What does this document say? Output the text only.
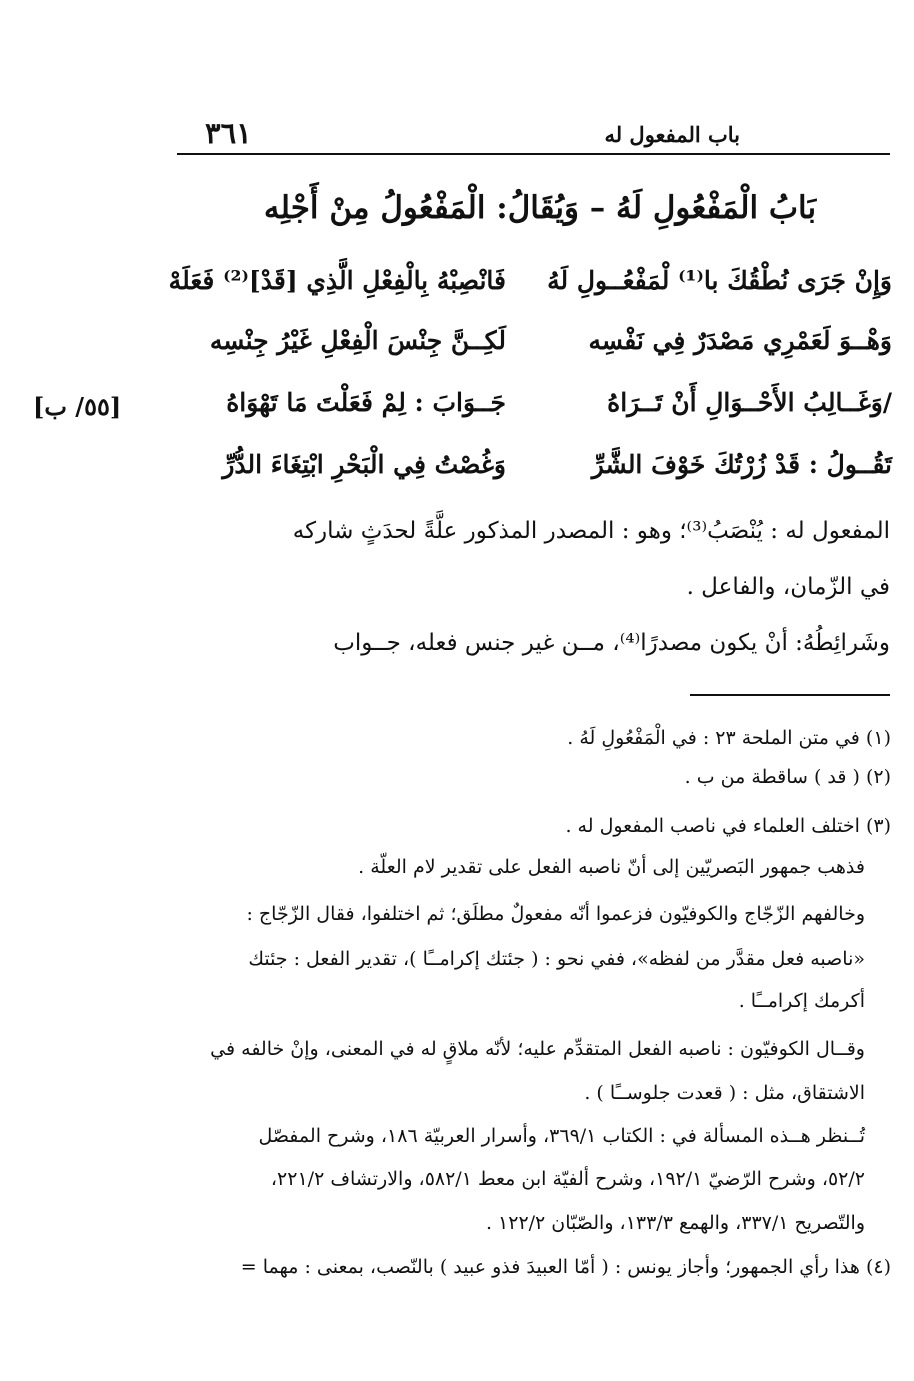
٣٦١	باب المفعول له
بَابُ الْمَفْعُولِ لَهُ – وَيُقَالُ: الْمَفْعُولُ مِنْ أَجْلِه
وَإِنْ جَرَى نُطْقُكَ با⁽¹⁾ لْمَفْعُــولِ لَهُ
فَانْصِبْهُ بِالْفِعْلِ الَّذِي [قَدْ]⁽²⁾ فَعَلَهْ
وَهْــوَ لَعَمْرِي مَصْدَرٌ فِي نَفْسِه
لَكِــنَّ جِنْسَ الْفِعْلِ غَيْرُ جِنْسِه
/وَغَــالِبُ الأَحْــوَالِ أَنْ تَــرَاهُ
جَــوَابَ : لِمْ فَعَلْتَ مَا تَهْوَاهُ
[٥٥/ ب]
تَقُــولُ : قَدْ زُرْتُكَ خَوْفَ الشَّرِّ
وَغُصْتُ فِي الْبَحْرِ ابْتِغَاءَ الدُّرِّ
المفعول له : يُنْصَبُ⁽³⁾؛ وهو : المصدر المذكور علَّةً لحدَثٍ شاركه
في الزّمان، والفاعل .
وشَرائِطُهُ: أنْ يكون مصدرًا⁽⁴⁾، مــن غير جنس فعله، جــواب
(١) في متن الملحة ٢٣ : في الْمَفْعُولِ لَهُ .
(٢) ( قد ) ساقطة من ب .
(٣) اختلف العلماء في ناصب المفعول له .
فذهب جمهور البَصريّين إلى أنّ ناصبه الفعل على تقدير لام العلّة .
وخالفهم الزّجّاج والكوفيّون فزعموا أنّه مفعولٌ مطلَق؛ ثم اختلفوا، فقال الزّجّاج :
«ناصبه فعل مقدَّر من لفظه»، ففي نحو : ( جئتك إكرامــًا )، تقدير الفعل : جئتك
أكرمك إكرامــًا .
وقــال الكوفيّون : ناصبه الفعل المتقدِّم عليه؛ لأنّه ملاقٍ له في المعنى، وإنْ خالفه في
الاشتقاق، مثل : ( قعدت جلوســًا ) .
تُــنظر هــذه المسألة في : الكتاب ٣٦٩/١، وأسرار العربيّة ١٨٦، وشرح المفصّل
٥٢/٢، وشرح الرّضيّ ١٩٢/١، وشرح ألفيّة ابن معط ٥٨٢/١، والارتشاف ٢٢١/٢،
والتّصريح ٣٣٧/١، والهمع ١٣٣/٣، والصّبّان ١٢٢/٢ .
(٤) هذا رأي الجمهور؛ وأجاز يونس : ( أمّا العبيدَ فذو عبيد ) بالنّصب، بمعنى : مهما =
